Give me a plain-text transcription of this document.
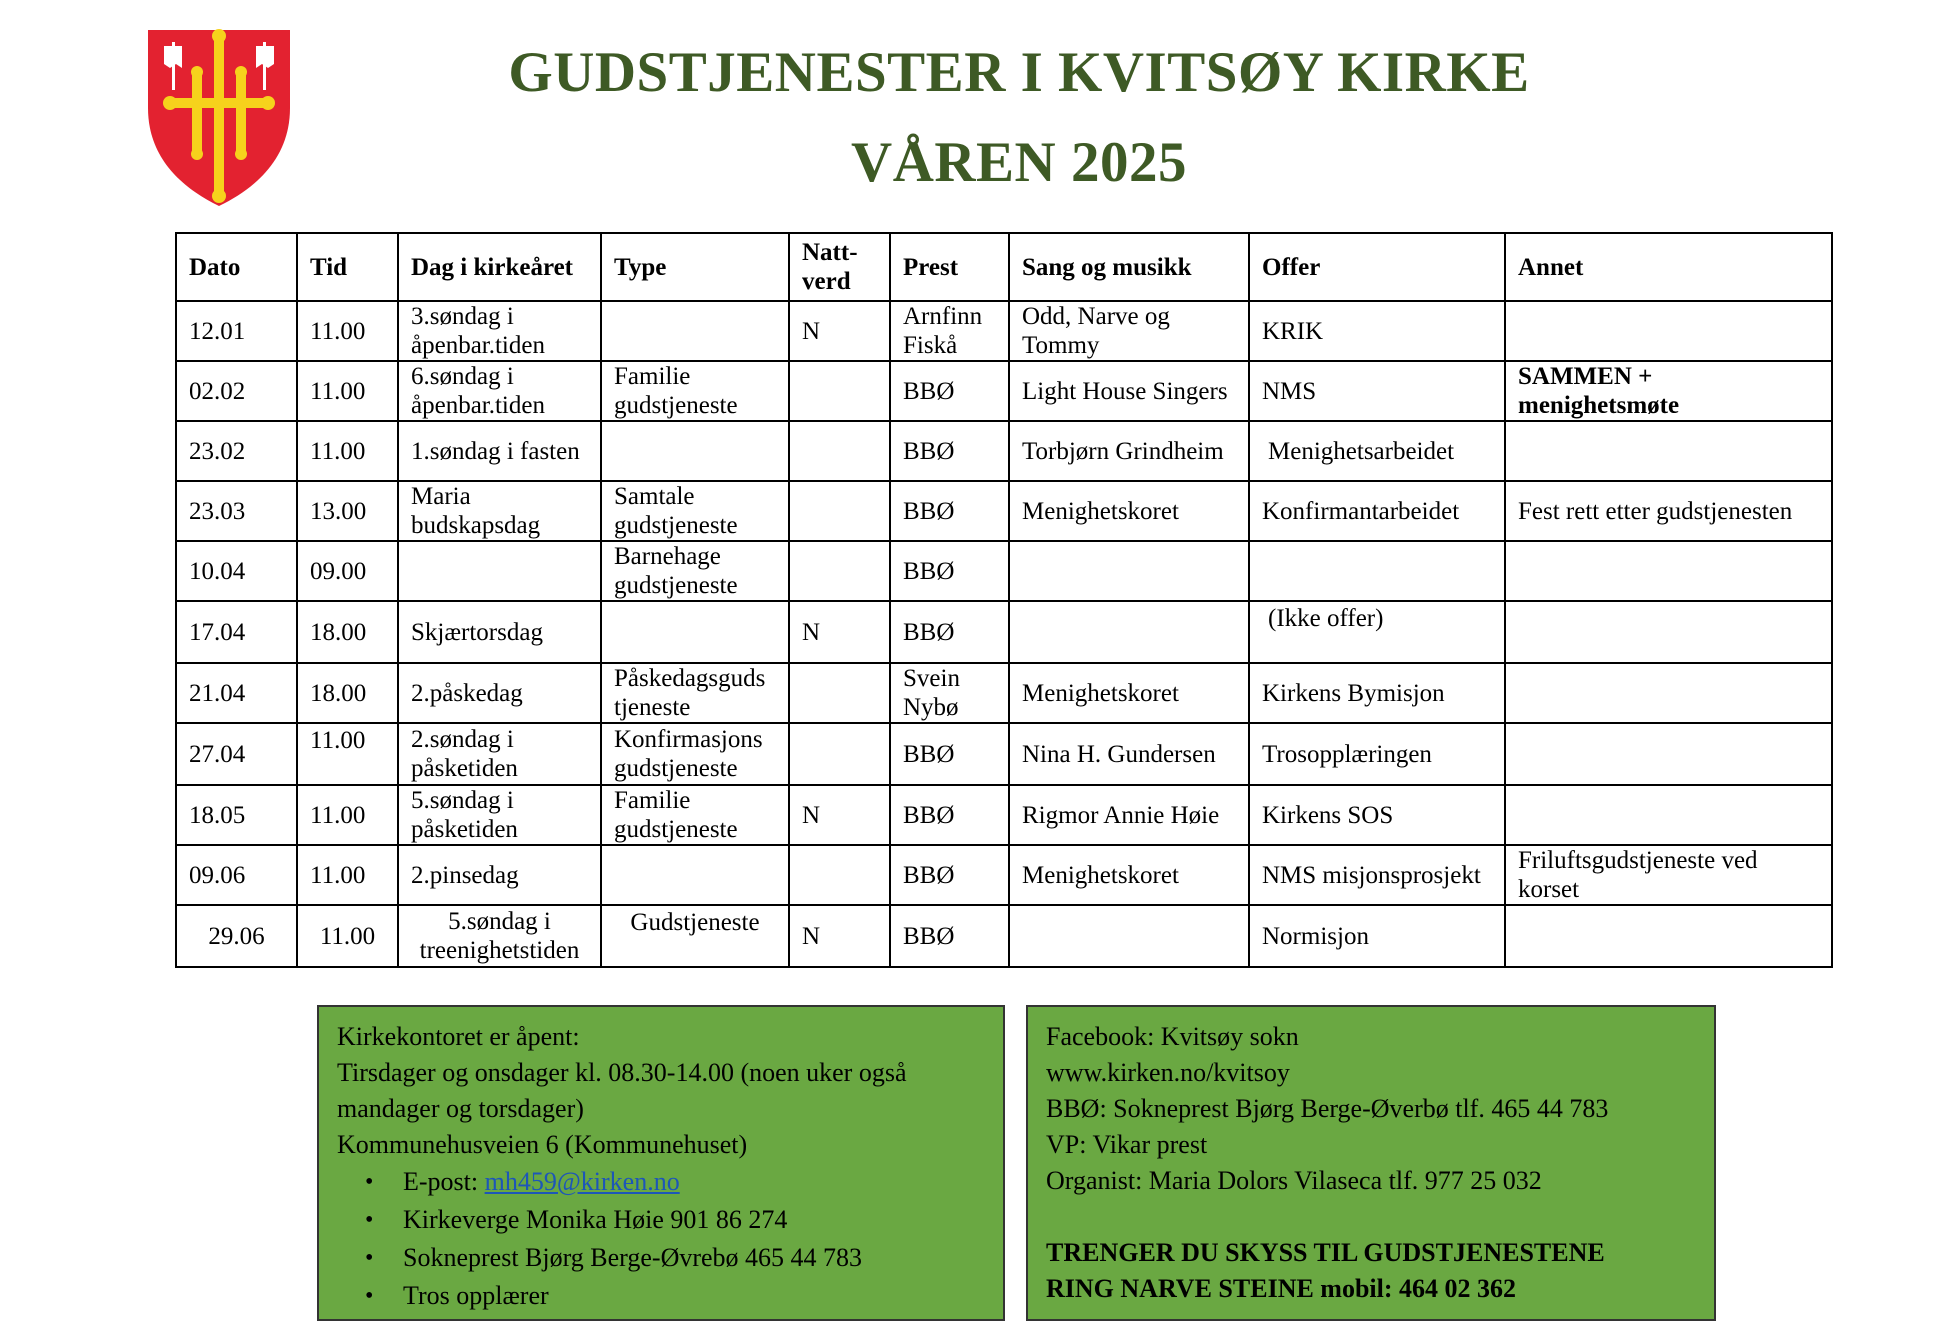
GUDSTJENESTER I KVITSØY KIRKE
VÅREN 2025
Dato	Tid	Dag i kirkeåret	Type	Natt-verd	Prest	Sang og musikk	Offer	Annet
12.01	11.00	3.søndag i åpenbar.tiden		N	Arnfinn Fiskå	Odd, Narve og Tommy	KRIK	
02.02	11.00	6.søndag i åpenbar.tiden	Familie gudstjeneste		BBØ	Light House Singers	NMS	SAMMEN + menighetsmøte
23.02	11.00	1.søndag i fasten			BBØ	Torbjørn Grindheim	Menighetsarbeidet	
23.03	13.00	Maria budskapsdag	Samtale gudstjeneste		BBØ	Menighetskoret	Konfirmantarbeidet	Fest rett etter gudstjenesten
10.04	09.00		Barnehage gudstjeneste		BBØ			
17.04	18.00	Skjærtorsdag		N	BBØ		(Ikke offer)	
21.04	18.00	2.påskedag	Påskedagsguds tjeneste		Svein Nybø	Menighetskoret	Kirkens Bymisjon	
27.04	11.00	2.søndag i påsketiden	Konfirmasjons gudstjeneste		BBØ	Nina H. Gundersen	Trosopplæringen	
18.05	11.00	5.søndag i påsketiden	Familie gudstjeneste	N	BBØ	Rigmor Annie Høie	Kirkens SOS	
09.06	11.00	2.pinsedag			BBØ	Menighetskoret	NMS misjonsprosjekt	Friluftsgudstjeneste ved korset
29.06	11.00	5.søndag i treenighetstiden	Gudstjeneste	N	BBØ		Normisjon	

Kirkekontoret er åpent:

Tirsdager og onsdager kl. 08.30-14.00 (noen uker også mandager og torsdager)

Kommunehusveien 6 (Kommunehuset)

• E-post: mh459@kirken.no
• Kirkeverge Monika Høie 901 86 274
• Sokneprest Bjørg Berge-Øvrebø 465 44 783
• Tros opplærer

Facebook: Kvitsøy sokn

www.kirken.no/kvitsoy

BBØ: Sokneprest Bjørg Berge-Øverbø tlf. 465 44 783

VP: Vikar prest

Organist: Maria Dolors Vilaseca tlf. 977 25 032

TRENGER DU SKYSS TIL GUDSTJENESTENE

RING NARVE STEINE mobil: 464 02 362
